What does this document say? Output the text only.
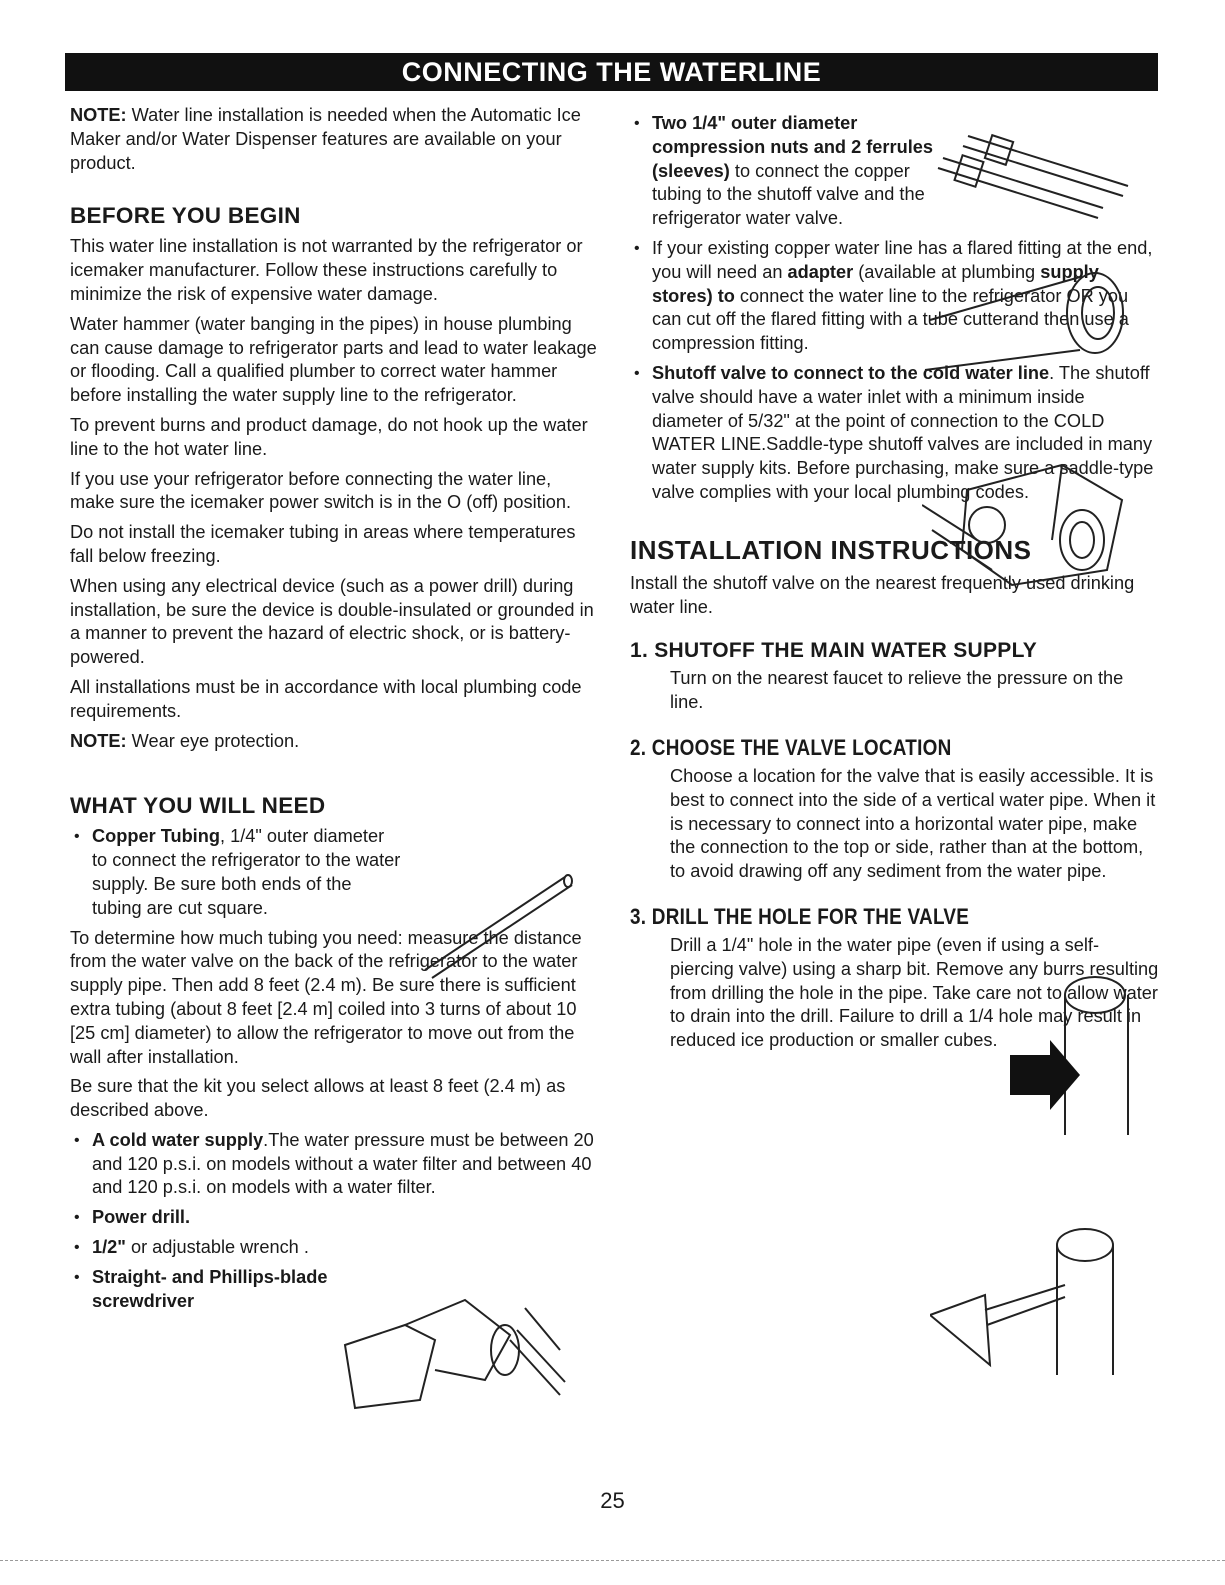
CONNECTING THE WATERLINE

NOTE: Water line installation is needed when the Automatic Ice Maker and/or Water Dispenser features are available on your product.

BEFORE YOU BEGIN

This water line installation is not warranted by the refrigerator or icemaker manufacturer. Follow these instructions carefully to minimize the risk of expensive water damage.

Water hammer (water banging in the pipes) in house plumbing can cause damage to refrigerator parts and lead to water leakage or flooding. Call a qualified plumber to correct water hammer before installing the water supply line to the refrigerator.

To prevent burns and product damage, do not hook up the water line to the hot water line.

If you use your refrigerator before connecting the water line, make sure the icemaker power switch is in the O (off) position.

Do not install the icemaker tubing in areas where temperatures fall below freezing.

When using any electrical device (such as a power drill) during installation, be sure the device is double-insulated or grounded in a manner to prevent the hazard of electric shock, or is battery-powered.

All installations must be in accordance with local plumbing code requirements.

NOTE: Wear eye protection.

WHAT YOU WILL NEED

• Copper Tubing, 1/4" outer diameter to connect the refrigerator to the water supply. Be sure both ends of the tubing are cut square.

To determine how much tubing you need: measure the distance from the water valve on the back of the refrigerator to the water supply pipe. Then add 8 feet (2.4 m). Be sure there is sufficient extra tubing (about 8 feet [2.4 m] coiled into 3 turns of about 10 [25 cm] diameter) to allow the refrigerator to move out from the wall after installation.

Be sure that the kit you select allows at least 8 feet (2.4 m) as described above.

• A cold water supply.The water pressure must be between 20 and 120 p.s.i. on models without a water filter and between 40 and 120 p.s.i. on models with a water filter.

• Power drill.

• 1/2" or adjustable wrench .

• Straight- and Phillips-blade screwdriver

• Two 1/4" outer diameter compression nuts and 2 ferrules (sleeves) to connect the copper tubing to the shutoff valve and the refrigerator water valve.

• If your existing copper water line has a flared fitting at the end, you will need an adapter (available at plumbing supply stores) to connect the water line to the refrigerator OR you can cut off the flared fitting with a tube cutterand then use a compression fitting.

• Shutoff valve to connect to the cold water line. The shutoff valve should have a water inlet with a minimum inside diameter of 5/32" at the point of connection to the COLD WATER LINE.Saddle-type shutoff valves are included in many water supply kits. Before purchasing, make sure a saddle-type valve complies with your local plumbing codes.

INSTALLATION INSTRUCTIONS

Install the shutoff valve on the nearest frequently used drinking water line.

1. SHUTOFF THE MAIN WATER SUPPLY

Turn on the nearest faucet to relieve the pressure on the line.

2. CHOOSE THE VALVE LOCATION

Choose a location for the valve that is easily accessible. It is best to connect into the side of a vertical water pipe. When it is necessary to connect into a horizontal water pipe, make the connection to the top or side, rather than at the bottom, to avoid drawing off any sediment from the water pipe.

3. DRILL THE HOLE FOR THE VALVE

Drill a 1/4" hole in the water pipe (even if using a self-piercing valve) using a sharp bit. Remove any burrs resulting from drilling the hole in the pipe. Take care not to allow water to drain into the drill. Failure to drill a 1/4 hole may result in reduced ice production or smaller cubes.

25
